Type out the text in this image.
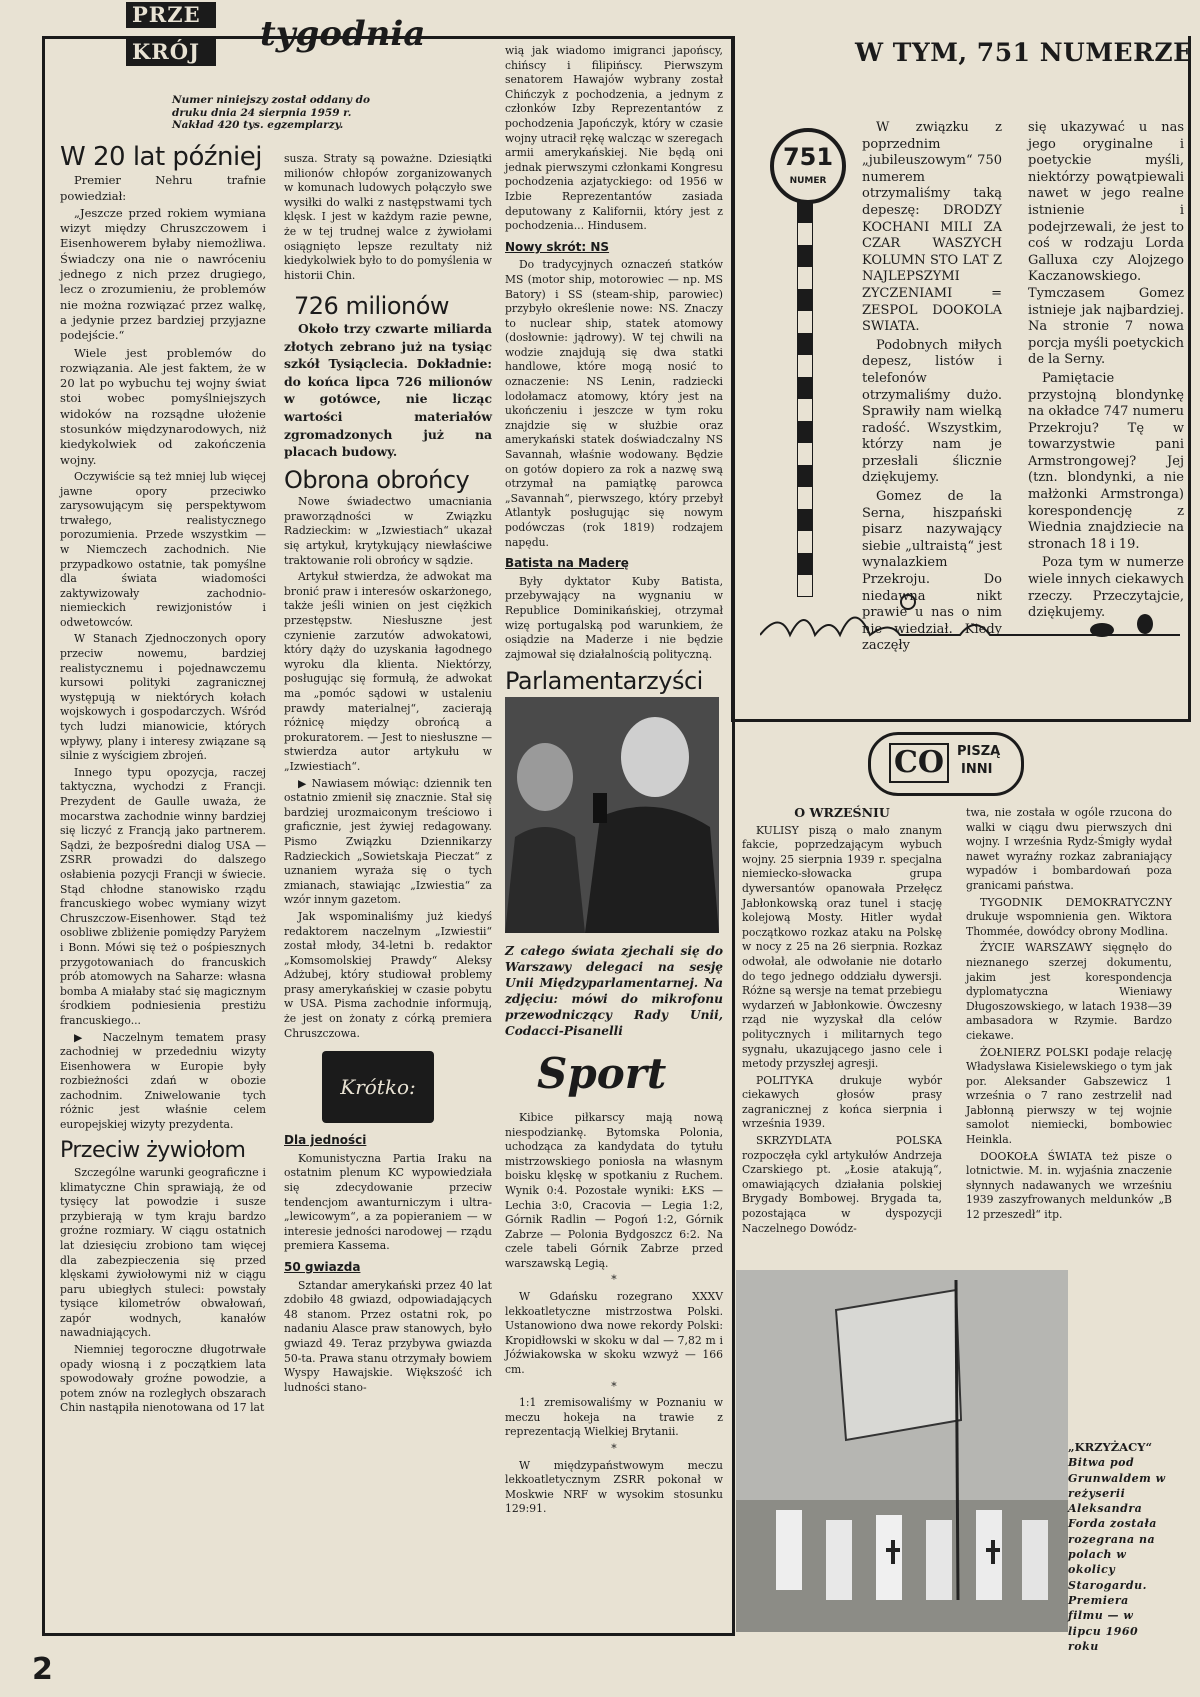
PRZE
KRÓJ	tygodnia	W TYM, 751 NUMERZE
Numer niniejszy został oddany do druku dnia 24 sierpnia 1959 r. Nakład 420 tys. egzemplarzy.
W 20 lat później

Premier Nehru trafnie powiedział:

„Jeszcze przed rokiem wymiana wizyt między Chruszczowem i Eisenhowerem byłaby niemożliwa. Świadczy ona nie o nawróceniu jednego z nich przez drugiego, lecz o zrozumieniu, że problemów nie można rozwiązać przez walkę, a jedynie przez bardziej przyjazne podejście.“

Wiele jest problemów do rozwiązania. Ale jest faktem, że w 20 lat po wybuchu tej wojny świat stoi wobec pomyślniejszych widoków na rozsądne ułożenie stosunków międzynarodowych, niż kiedykolwiek od zakończenia wojny.

Oczywiście są też mniej lub więcej jawne opory przeciwko zarysowującym się perspektywom trwałego, realistycznego porozumienia. Przede wszystkim — w Niemczech zachodnich. Nie przypadkowo ostatnie, tak pomyślne dla świata wiadomości zaktywizowały zachodnio-niemieckich rewizjonistów i odwetowców.

W Stanach Zjednoczonych opory przeciw nowemu, bardziej realistycznemu i pojednawczemu kursowi polityki zagranicznej występują w niektórych kołach wojskowych i gospodarczych. Wśród tych ludzi mianowicie, których wpływy, plany i interesy związane są silnie z wyścigiem zbrojeń.

Innego typu opozycja, raczej taktyczna, wychodzi z Francji. Prezydent de Gaulle uważa, że mocarstwa zachodnie winny bardziej się liczyć z Francją jako partnerem. Sądzi, że bezpośredni dialog USA — ZSRR prowadzi do dalszego osłabienia pozycji Francji w świecie. Stąd chłodne stanowisko rządu francuskiego wobec wymiany wizyt Chruszczow-Eisenhower. Stąd też osobliwe zbliżenie pomiędzy Paryżem i Bonn. Mówi się też o pośpiesznych przygotowaniach do francuskich prób atomowych na Saharze: własna bomba A miałaby stać się magicznym środkiem podniesienia prestiżu francuskiego...

▶ Naczelnym tematem prasy zachodniej w przededniu wizyty Eisenhowera w Europie były rozbieżności zdań w obozie zachodnim. Zniwelowanie tych różnic jest właśnie celem europejskiej wizyty prezydenta.

Przeciw żywiołom

Szczególne warunki geograficzne i klimatyczne Chin sprawiają, że od tysięcy lat powodzie i susze przybierają w tym kraju bardzo groźne rozmiary. W ciągu ostatnich lat dziesięciu zrobiono tam więcej dla zabezpieczenia się przed klęskami żywiołowymi niż w ciągu paru ubiegłych stuleci: powstały tysiące kilometrów obwałowań, zapór wodnych, kanałów nawadniających.

Niemniej tegoroczne długotrwałe opady wiosną i z początkiem lata spowodowały groźne powodzie, a potem znów na rozległych obszarach Chin nastąpiła nienotowana od 17 lat

susza. Straty są poważne. Dziesiątki milionów chłopów zorganizowanych w komunach ludowych połączyło swe wysiłki do walki z następstwami tych klęsk. I jest w każdym razie pewne, że w tej trudnej walce z żywiołami osiągnięto lepsze rezultaty niż kiedykolwiek było to do pomyślenia w historii Chin.

726 milionów

Około trzy czwarte miliarda złotych zebrano już na tysiąc szkół Tysiąclecia. Dokładnie: do końca lipca 726 milionów w gotówce, nie licząc wartości materiałów zgromadzonych już na placach budowy.

Obrona obrońcy

Nowe świadectwo umacniania praworządności w Związku Radzieckim: w „Izwiestiach“ ukazał się artykuł, krytykujący niewłaściwe traktowanie roli obrońcy w sądzie.

Artykuł stwierdza, że adwokat ma bronić praw i interesów oskarżonego, także jeśli winien on jest ciężkich przestępstw. Niesłuszne jest czynienie zarzutów adwokatowi, który dąży do uzyskania łagodnego wyroku dla klienta. Niektórzy, posługując się formułą, że adwokat ma „pomóc sądowi w ustaleniu prawdy materialnej“, zacierają różnicę między obrońcą a prokuratorem. — Jest to niesłuszne — stwierdza autor artykułu w „Izwiestiach“.

▶ Nawiasem mówiąc: dziennik ten ostatnio zmienił się znacznie. Stał się bardziej urozmaiconym treściowo i graficznie, jest żywiej redagowany. Pismo Związku Dziennikarzy Radzieckich „Sowietskaja Pieczat“ z uznaniem wyraża się o tych zmianach, stawiając „Izwiestia“ za wzór innym gazetom.

Jak wspominaliśmy już kiedyś redaktorem naczelnym „Izwiestii“ został młody, 34-letni b. redaktor „Komsomolskiej Prawdy“ Aleksy Adżubej, który studiował problemy prasy amerykańskiej w czasie pobytu w USA. Pisma zachodnie informują, że jest on żonaty z córką premiera Chruszczowa.

Krótko:
Dla jedności

Komunistyczna Partia Iraku na ostatnim plenum KC wypowiedziała się zdecydowanie przeciw tendencjom awanturniczym i ultra-„lewicowym“, a za popieraniem — w interesie jedności narodowej — rządu premiera Kassema.

50 gwiazda

Sztandar amerykański przez 40 lat zdobiło 48 gwiazd, odpowiadających 48 stanom. Przez ostatni rok, po nadaniu Alasce praw stanowych, było gwiazd 49. Teraz przybywa gwiazda 50-ta. Prawa stanu otrzymały bowiem Wyspy Hawajskie. Większość ich ludności stano-

wią jak wiadomo imigranci japońscy, chińscy i filipińscy. Pierwszym senatorem Hawajów wybrany został Chińczyk z pochodzenia, a jednym z członków Izby Reprezentantów z pochodzenia Japończyk, który w czasie wojny utracił rękę walcząc w szeregach armii amerykańskiej. Nie będą oni jednak pierwszymi członkami Kongresu pochodzenia azjatyckiego: od 1956 w Izbie Reprezentantów zasiada deputowany z Kalifornii, który jest z pochodzenia... Hindusem.

Nowy skrót: NS

Do tradycyjnych oznaczeń statków MS (motor ship, motorowiec — np. MS Batory) i SS (steam-ship, parowiec) przybyło określenie nowe: NS. Znaczy to nuclear ship, statek atomowy (dosłownie: jądrowy). W tej chwili na wodzie znajdują się dwa statki handlowe, które mogą nosić to oznaczenie: NS Lenin, radziecki lodołamacz atomowy, który jest na ukończeniu i jeszcze w tym roku znajdzie się w służbie oraz amerykański statek doświadczalny NS Savannah, właśnie wodowany. Będzie on gotów dopiero za rok a nazwę swą otrzymał na pamiątkę parowca „Savannah“, pierwszego, który przebył Atlantyk posługując się nowym podówczas (rok 1819) rodzajem napędu.

Batista na Maderę

Były dyktator Kuby Batista, przebywający na wygnaniu w Republice Dominikańskiej, otrzymał wizę portugalską pod warunkiem, że osiądzie na Maderze i nie będzie zajmował się działalnością polityczną.

Parlamentarzyści

Z całego świata zjechali się do Warszawy delegaci na sesję Unii Międzyparlamentarnej. Na zdjęciu: mówi do mikrofonu przewodniczący Rady Unii, Codacci-Pisanelli

Sport

Kibice piłkarscy mają nową niespodziankę. Bytomska Polonia, uchodząca za kandydata do tytułu mistrzowskiego poniosła na własnym boisku klęskę w spotkaniu z Ruchem. Wynik 0:4. Pozostałe wyniki: ŁKS — Lechia 3:0, Cracovia — Legia 1:2, Górnik Radlin — Pogoń 1:2, Górnik Zabrze — Polonia Bydgoszcz 6:2. Na czele tabeli Górnik Zabrze przed warszawską Legią.

*

W Gdańsku rozegrano XXXV lekkoatletyczne mistrzostwa Polski. Ustanowiono dwa nowe rekordy Polski: Kropidłowski w skoku w dal — 7,82 m i Jóźwiakowska w skoku wzwyż — 166 cm.

*

1:1 zremisowaliśmy w Poznaniu w meczu hokeja na trawie z reprezentacją Wielkiej Brytanii.

*

W międzypaństwowym meczu lekkoatletycznym ZSRR pokonał w Moskwie NRF w wysokim stosunku 129:91.

751
NUMER

W związku z poprzednim „jubileuszowym“ 750 numerem otrzymaliśmy taką depeszę: DRODZY KOCHANI MILI ZA CZAR WASZYCH KOLUMN STO LAT Z NAJLEPSZYMI ZYCZENIAMI = ZESPOL DOOKOLA SWIATA.

Podobnych miłych depesz, listów i telefonów otrzymaliśmy dużo. Sprawiły nam wielką radość. Wszystkim, którzy nam je przesłali ślicznie dziękujemy.

Gomez de la Serna, hiszpański pisarz nazywający siebie „ultraistą“ jest wynalazkiem Przekroju. Do niedawna nikt prawie u nas o nim nie wiedział. Kiedy zaczęły

się ukazywać u nas jego oryginalne i poetyckie myśli, niektórzy powątpiewali nawet w jego realne istnienie i podejrzewali, że jest to coś w rodzaju Lorda Galluxa czy Alojzego Kaczanowskiego. Tymczasem Gomez istnieje jak najbardziej. Na stronie 7 nowa porcja myśli poetyckich de la Serny.

Pamiętacie przystojną blondynkę na okładce 747 numeru Przekroju? Tę w towarzystwie pani Armstrongowej? Jej (tzn. blondynki, a nie małżonki Armstronga) korespondencję z Wiednia znajdziecie na stronach 18 i 19.

Poza tym w numerze wiele innych ciekawych rzeczy. Przeczytajcie, dziękujemy.

CO PISZĄ
INNI
O WRZEŚNIU

KULISY piszą o mało znanym fakcie, poprzedzającym wybuch wojny. 25 sierpnia 1939 r. specjalna niemiecko-słowacka grupa dywersantów opanowała Przełęcz Jabłonkowską oraz tunel i stację kolejową Mosty. Hitler wydał początkowo rozkaz ataku na Polskę w nocy z 25 na 26 sierpnia. Rozkaz odwołał, ale odwołanie nie dotarło do tego jednego oddziału dywersji. Różne są wersje na temat przebiegu wydarzeń w Jabłonkowie. Ówczesny rząd nie wyzyskał dla celów politycznych i militarnych tego sygnału, ukazującego jasno cele i metody przyszłej agresji.

POLITYKA drukuje wybór ciekawych głosów prasy zagranicznej z końca sierpnia i września 1939.

SKRZYDLATA POLSKA rozpoczęła cykl artykułów Andrzeja Czarskiego pt. „Łosie atakują“, omawiających działania polskiej Brygady Bombowej. Brygada ta, pozostająca w dyspozycji Naczelnego Dowódz-

twa, nie została w ogóle rzucona do walki w ciągu dwu pierwszych dni wojny. I września Rydz-Śmigły wydał nawet wyraźny rozkaz zabraniający wypadów i bombardowań poza granicami państwa.

TYGODNIK DEMOKRATYCZNY drukuje wspomnienia gen. Wiktora Thommée, dowódcy obrony Modlina.

ŻYCIE WARSZAWY sięgnęło do nieznanego szerzej dokumentu, jakim jest korespondencja dyplomatyczna Wieniawy Długoszowskiego, w latach 1938—39 ambasadora w Rzymie. Bardzo ciekawe.

ŻOŁNIERZ POLSKI podaje relację Władysława Kisielewskiego o tym jak por. Aleksander Gabszewicz 1 września o 7 rano zestrzelił nad Jabłonną pierwszy w tej wojnie samolot niemiecki, bombowiec Heinkla.

DOOKOŁA ŚWIATA też pisze o lotnictwie. M. in. wyjaśnia znaczenie słynnych nadawanych we wrześniu 1939 zaszyfrowanych meldunków „B 12 przeszedł“ itp.

„KRZYŻACY“
Bitwa pod Grunwaldem w reżyserii Aleksandra Forda została rozegrana na polach w okolicy Starogardu. Premiera filmu — w lipcu 1960 roku
2
